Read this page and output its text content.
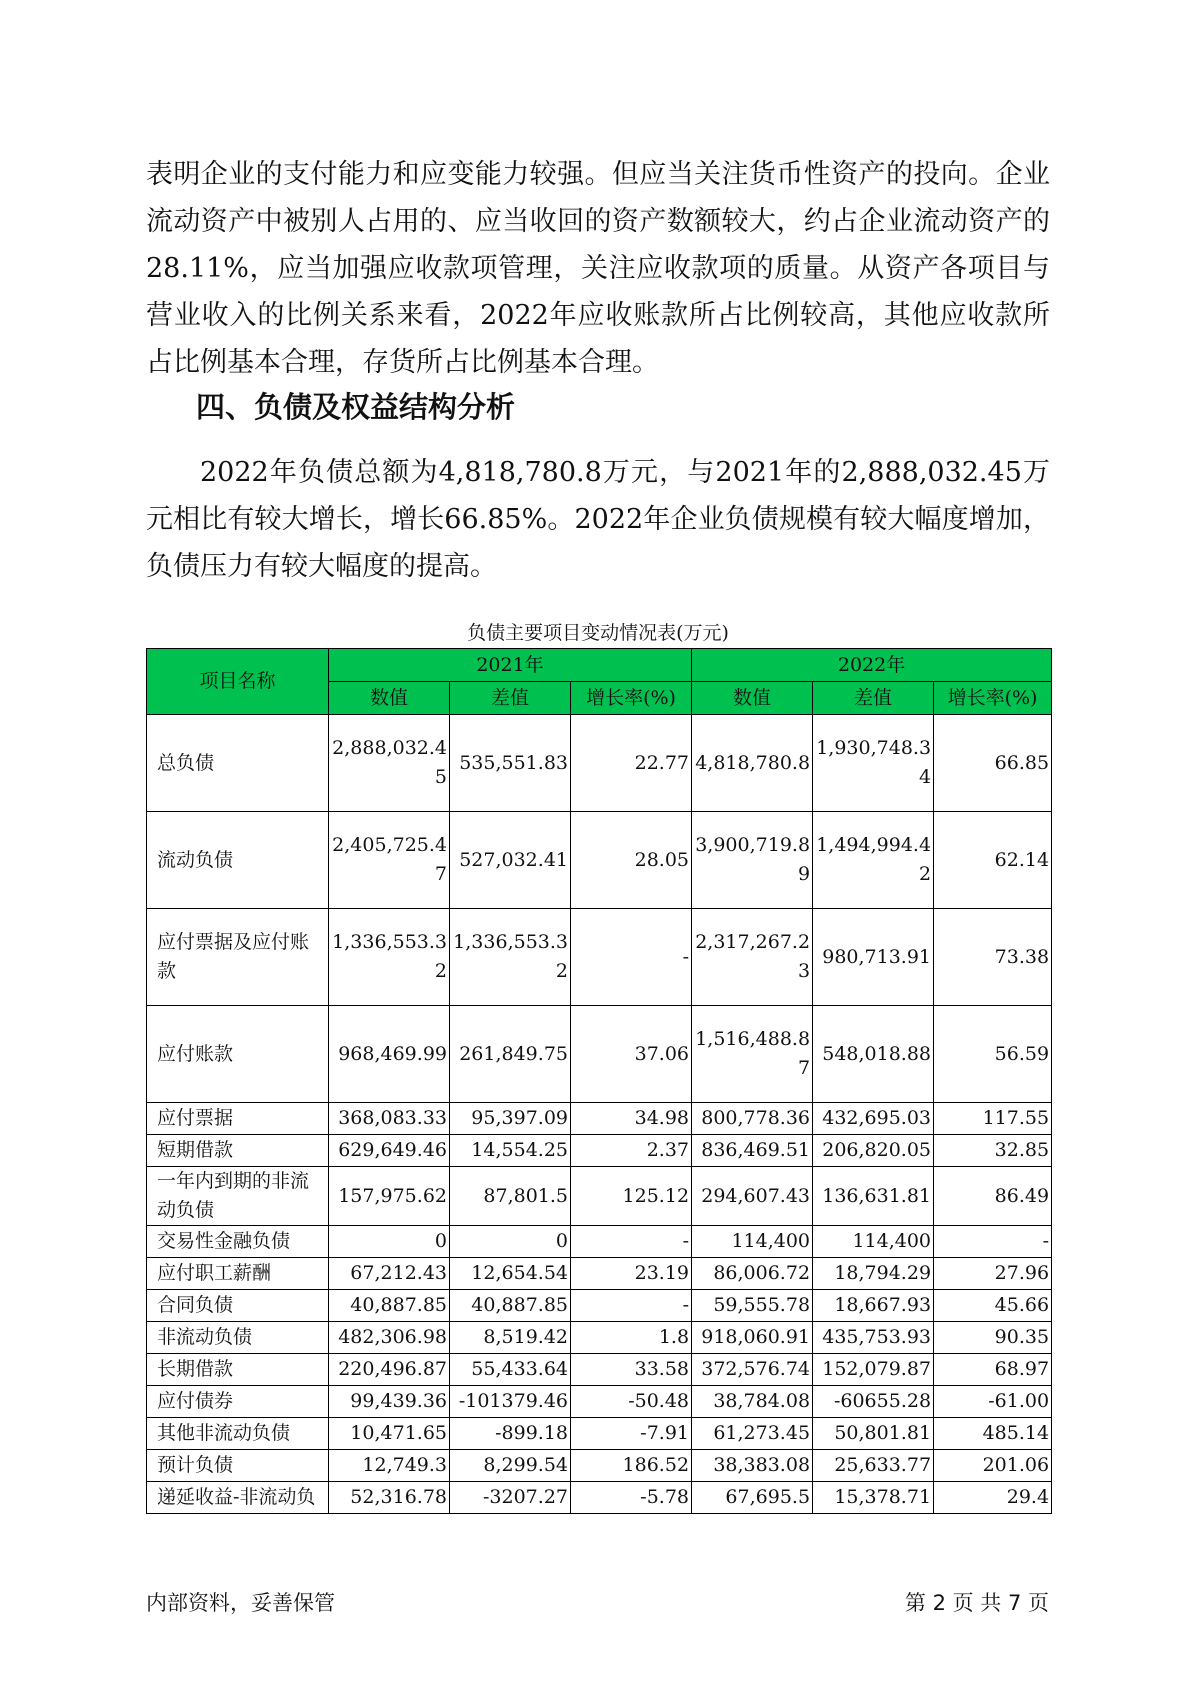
表明企业的支付能力和应变能力较强。但应当关注货币性资产的投向。企业流动资产中被别人占用的、应当收回的资产数额较大，约占企业流动资产的28.11%，应当加强应收款项管理，关注应收款项的质量。从资产各项目与营业收入的比例关系来看，2022年应收账款所占比例较高，其他应收款所占比例基本合理，存货所占比例基本合理。

四、负债及权益结构分析

2022年负债总额为4,818,780.8万元，与2021年的2,888,032.45万元相比有较大增长，增长66.85%。2022年企业负债规模有较大幅度增加，负债压力有较大幅度的提高。

负债主要项目变动情况表(万元)

项目名称	2021年			2022年		
	数值	差值	增长率(%)	数值	差值	增长率(%)
总负债	2,888,032.45	535,551.83	22.77	4,818,780.8	1,930,748.34	66.85
流动负债	2,405,725.47	527,032.41	28.05	3,900,719.89	1,494,994.42	62.14
应付票据及应付账款	1,336,553.32	1,336,553.32	-	2,317,267.23	980,713.91	73.38
应付账款	968,469.99	261,849.75	37.06	1,516,488.87	548,018.88	56.59
应付票据	368,083.33	95,397.09	34.98	800,778.36	432,695.03	117.55
短期借款	629,649.46	14,554.25	2.37	836,469.51	206,820.05	32.85
一年内到期的非流动负债	157,975.62	87,801.5	125.12	294,607.43	136,631.81	86.49
交易性金融负债	0	0	-	114,400	114,400	-
应付职工薪酬	67,212.43	12,654.54	23.19	86,006.72	18,794.29	27.96
合同负债	40,887.85	40,887.85	-	59,555.78	18,667.93	45.66
非流动负债	482,306.98	8,519.42	1.8	918,060.91	435,753.93	90.35
长期借款	220,496.87	55,433.64	33.58	372,576.74	152,079.87	68.97
应付债券	99,439.36	-101379.46	-50.48	38,784.08	-60655.28	-61.00
其他非流动负债	10,471.65	-899.18	-7.91	61,273.45	50,801.81	485.14
预计负债	12,749.3	8,299.54	186.52	38,383.08	25,633.77	201.06
递延收益-非流动负	52,316.78	-3207.27	-5.78	67,695.5	15,378.71	29.4

内部资料，妥善保管	第 2 页 共 7 页
